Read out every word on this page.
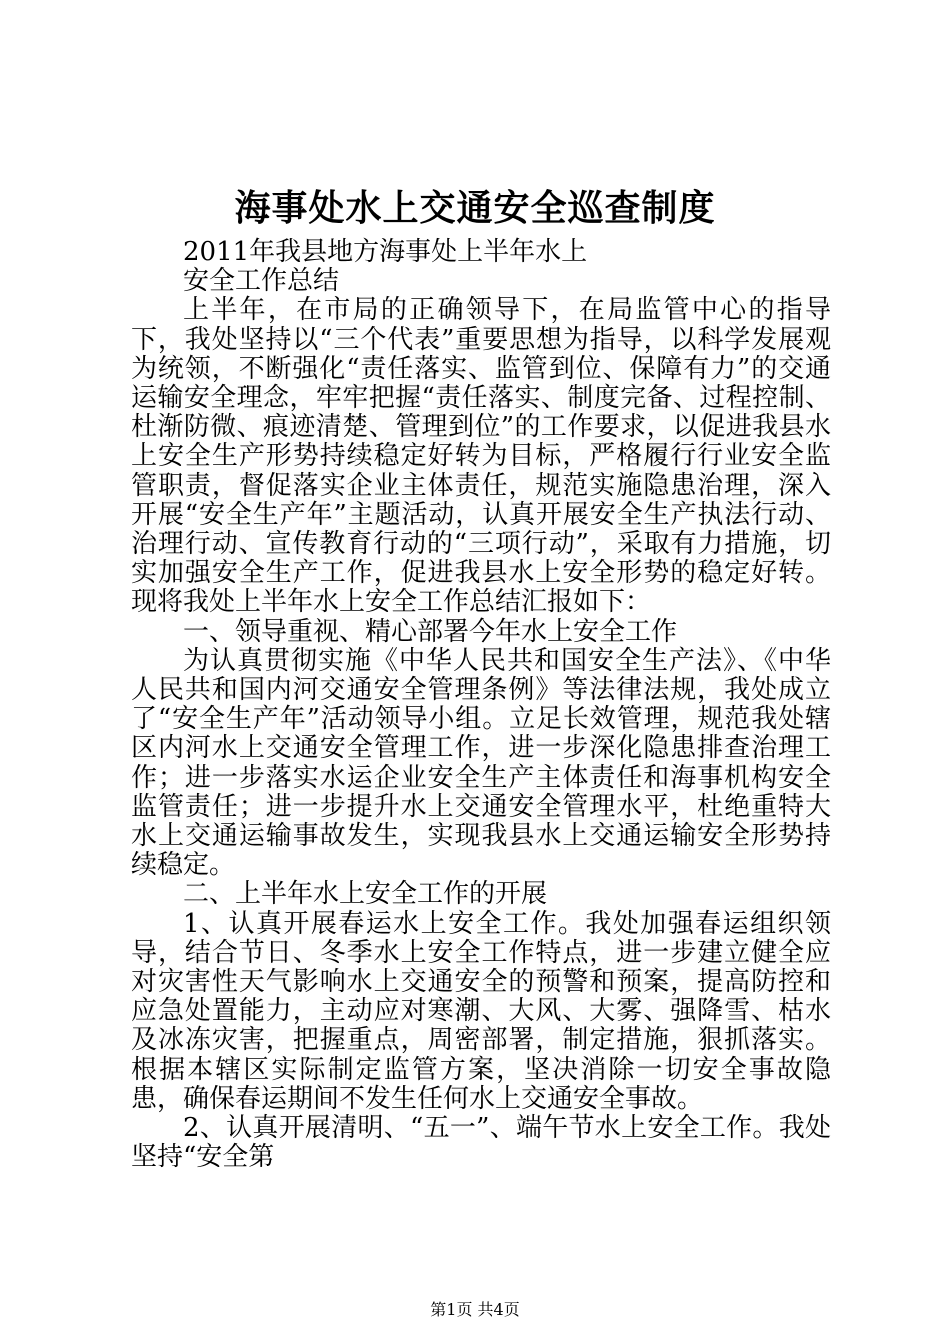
海事处水上交通安全巡查制度

2011年我县地方海事处上半年水上

安全工作总结

上半年，在市局的正确领导下，在局监管中心的指导下，我处坚持以“三个代表”重要思想为指导，以科学发展观为统领，不断强化“责任落实、监管到位、保障有力”的交通运输安全理念，牢牢把握“责任落实、制度完备、过程控制、杜渐防微、痕迹清楚、管理到位”的工作要求，以促进我县水上安全生产形势持续稳定好转为目标，严格履行行业安全监管职责，督促落实企业主体责任，规范实施隐患治理，深入开展“安全生产年”主题活动，认真开展安全生产执法行动、治理行动、宣传教育行动的“三项行动”，采取有力措施，切实加强安全生产工作，促进我县水上安全形势的稳定好转。现将我处上半年水上安全工作总结汇报如下：

一、领导重视、精心部署今年水上安全工作

为认真贯彻实施《中华人民共和国安全生产法》、《中华人民共和国内河交通安全管理条例》等法律法规，我处成立了“安全生产年”活动领导小组。立足长效管理，规范我处辖区内河水上交通安全管理工作，进一步深化隐患排查治理工作；进一步落实水运企业安全生产主体责任和海事机构安全监管责任；进一步提升水上交通安全管理水平，杜绝重特大水上交通运输事故发生，实现我县水上交通运输安全形势持续稳定。

二、上半年水上安全工作的开展

1、认真开展春运水上安全工作。我处加强春运组织领导，结合节日、冬季水上安全工作特点，进一步建立健全应对灾害性天气影响水上交通安全的预警和预案，提高防控和应急处置能力，主动应对寒潮、大风、大雾、强降雪、枯水及冰冻灾害，把握重点，周密部署，制定措施，狠抓落实。根据本辖区实际制定监管方案，坚决消除一切安全事故隐患，确保春运期间不发生任何水上交通安全事故。

2、认真开展清明、“五一”、端午节水上安全工作。我处坚持“安全第

第1页 共4页
